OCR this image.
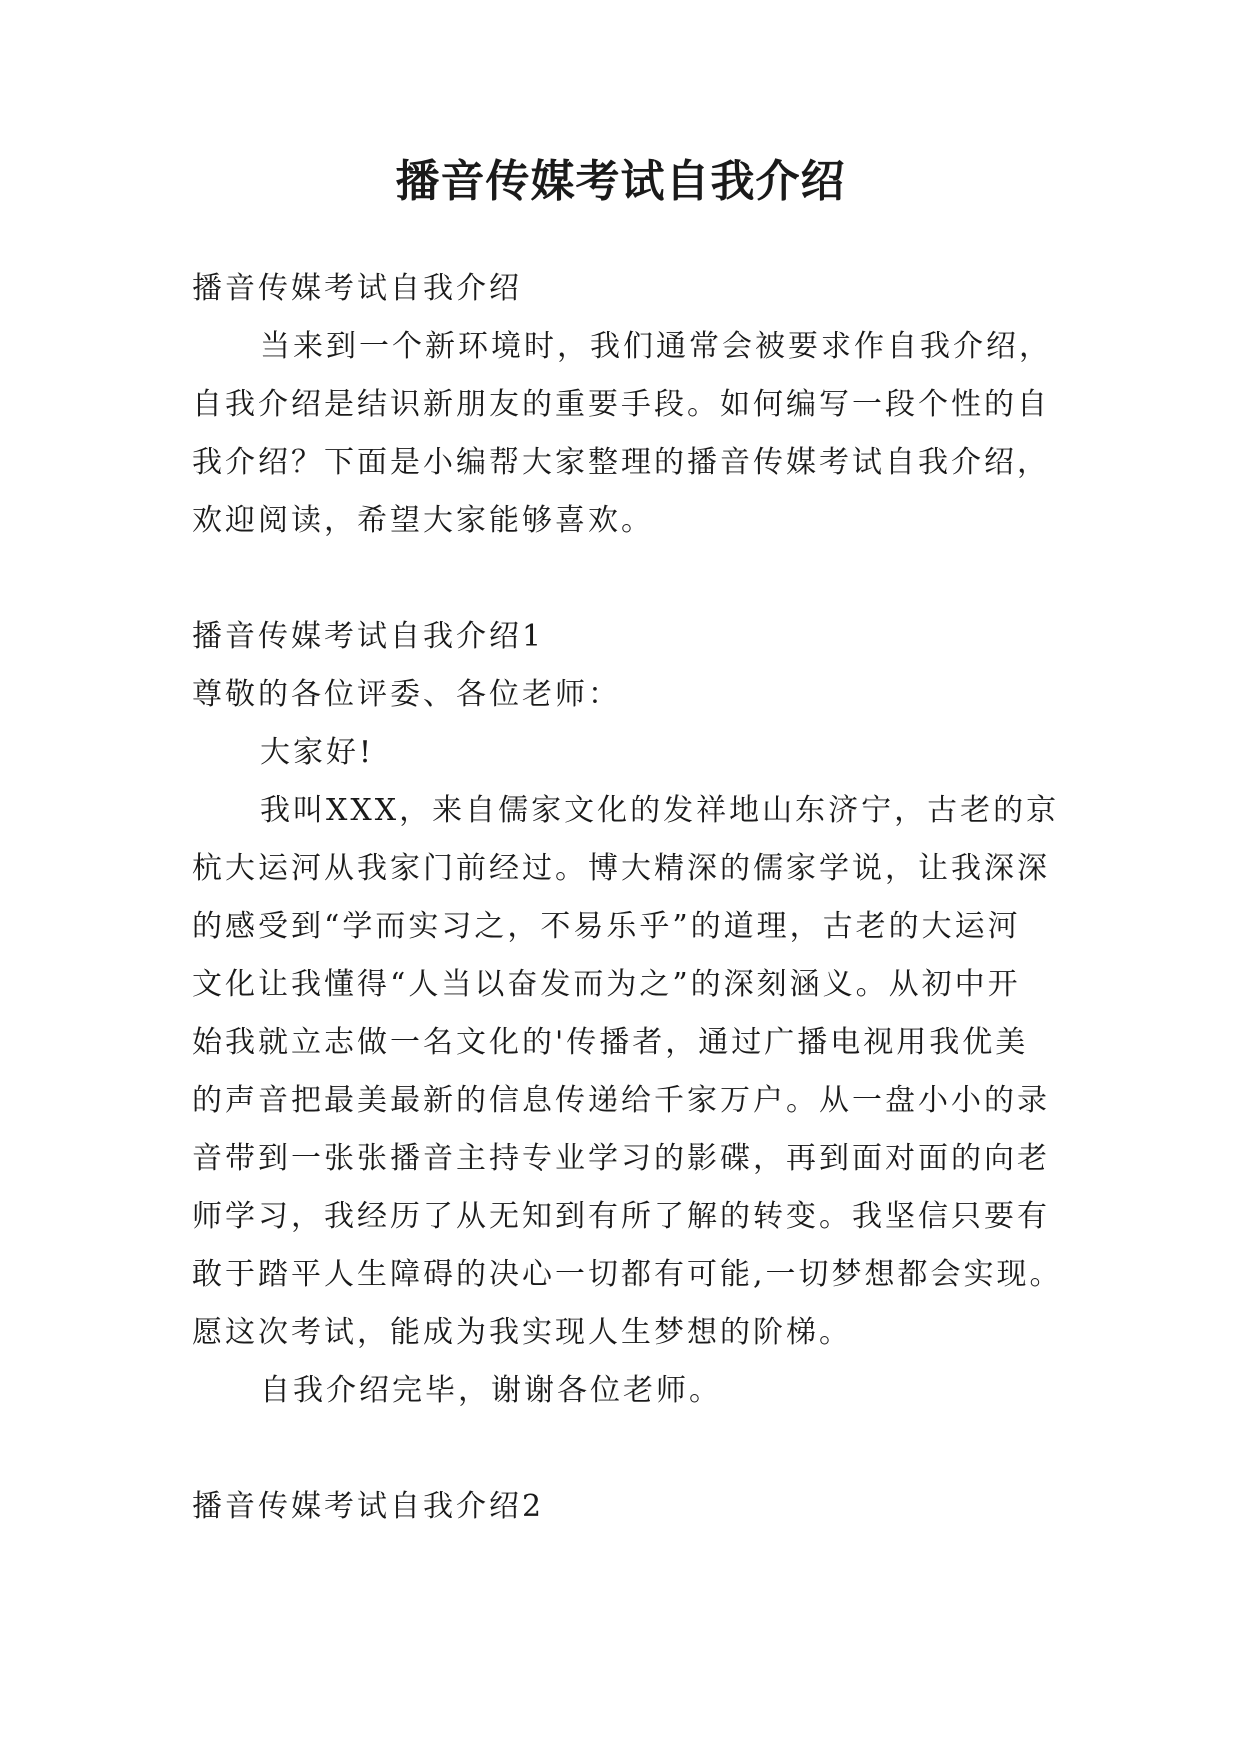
播音传媒考试自我介绍

播音传媒考试自我介绍

当来到一个新环境时，我们通常会被要求作自我介绍，

自我介绍是结识新朋友的重要手段。如何编写一段个性的自

我介绍？下面是小编帮大家整理的播音传媒考试自我介绍，

欢迎阅读，希望大家能够喜欢。

播音传媒考试自我介绍1

尊敬的各位评委、各位老师：

大家好!

我叫XXX，来自儒家文化的发祥地山东济宁，古老的京

杭大运河从我家门前经过。博大精深的儒家学说，让我深深

的感受到“学而实习之，不易乐乎”的道理，古老的大运河

文化让我懂得“人当以奋发而为之”的深刻涵义。从初中开

始我就立志做一名文化的'传播者，通过广播电视用我优美

的声音把最美最新的信息传递给千家万户。从一盘小小的录

音带到一张张播音主持专业学习的影碟，再到面对面的向老

师学习，我经历了从无知到有所了解的转变。我坚信只要有

敢于踏平人生障碍的决心一切都有可能,一切梦想都会实现。

愿这次考试，能成为我实现人生梦想的阶梯。

自我介绍完毕，谢谢各位老师。

播音传媒考试自我介绍2
